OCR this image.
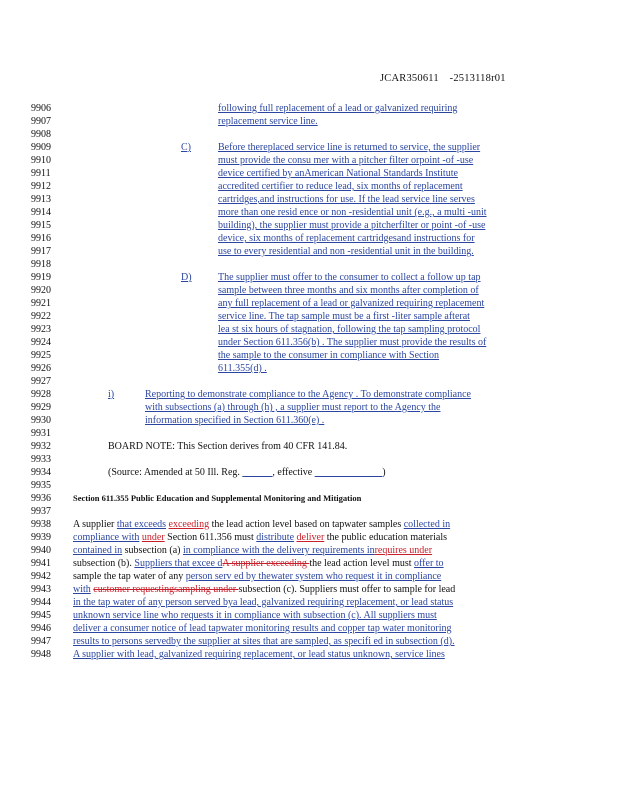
JCAR350611 -2513118r01
9906	following full replacement of a lead or galvanized requiring
9907	replacement service line.
9908
9909	C)	Before thereplaced service line is returned to service, the supplier
9910	must provide the consu mer with a pitcher filter orpoint -of -use
9911	device certified by anAmerican National Standards Institute
9912	accredited certifier to reduce lead, six months of replacement
9913	cartridges,and instructions for use. If the lead service line serves
9914	more than one resid ence or non -residential unit (e.g., a multi -unit
9915	building), the supplier must provide a pitcherfilter or point -of -use
9916	device, six months of replacement cartridgesand instructions for
9917	use to every residential and non -residential unit in the building.
9918
9919	D)	The supplier must offer to the consumer to collect a follow up tap
9920	sample between three months and six months after completion of
9921	any full replacement of a lead or galvanized requiring replacement
9922	service line. The tap sample must be a first -liter sample afterat
9923	lea st six hours of stagnation, following the tap sampling protocol
9924	under Section 611.356(b) . The supplier must provide the results of
9925	the sample to the consumer in compliance with Section
9926	611.355(d) .
9927
9928	i)	Reporting to demonstrate compliance to the Agency . To demonstrate compliance
9929	with subsections (a) through (h) , a supplier must report to the Agency the
9930	information specified in Section 611.360(e) .
9931
9932	BOARD NOTE: This Section derives from 40 CFR 141.84.
9933
9934	(Source: Amended at 50 Ill. Reg. ______, effective ___ __________)
9935
9936	Section 611.355 Public Education and Supplemental Monitoring and Mitigation
9937
9938	A supplier that exceeds exceeding the lead action level based on tapwater samples collected in
9939	compliance with under Section 611.356 must distribute deliver the public education materials
9940	contained in subsection (a) in compliance with the delivery requirements inrequires under
9941	subsection (b). Suppliers that excee dA supplier exceeding the lead action level must offer to
9942	sample the tap water of any person serv ed by thewater system who request it in compliance
9943	with customer requestingsampling under subsection (c). Suppliers must offer to sample for lead
9944	in the tap water of any person served bya lead, galvanized requiring replacement, or lead status
9945	unknown service line who requests it in compliance with subsection (c). All suppliers must
9946	deliver a consumer notice of lead tapwater monitoring results and copper tap water monitoring
9947	results to persons servedby the supplier at sites that are sampled, as specifi ed in subsection (d).
9948	A supplier with lead, galvanized requiring replacement, or lead status unknown, service lines
